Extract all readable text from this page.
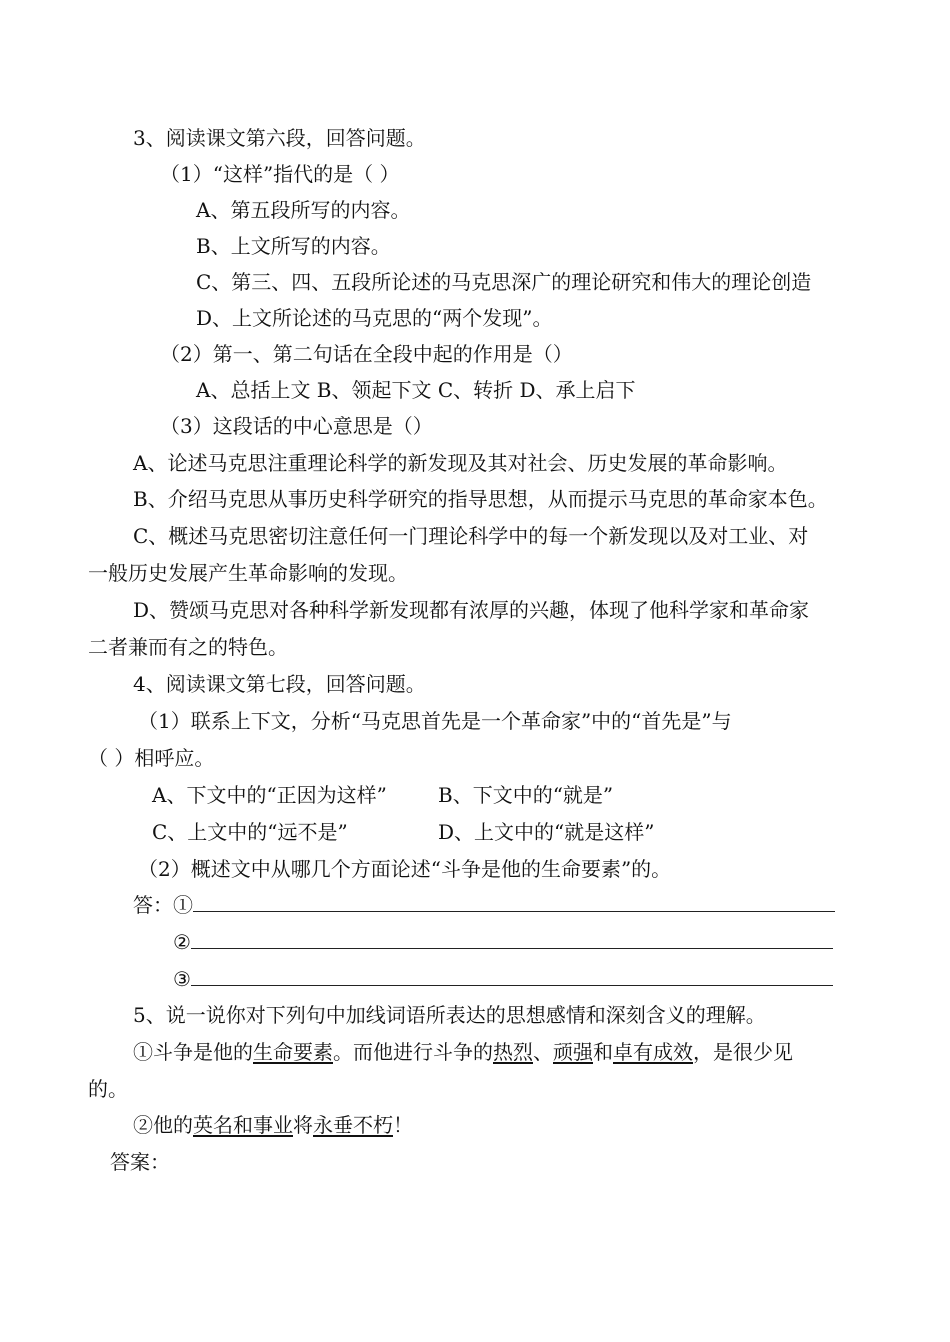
3、阅读课文第六段，回答问题。
（1）“这样”指代的是（ ）
A、第五段所写的内容。
B、上文所写的内容。
C、第三、四、五段所论述的马克思深广的理论研究和伟大的理论创造
D、上文所论述的马克思的“两个发现”。
（2）第一、第二句话在全段中起的作用是（）
A、总括上文 B、领起下文 C、转折 D、承上启下
（3）这段话的中心意思是（）
A、论述马克思注重理论科学的新发现及其对社会、历史发展的革命影响。
B、介绍马克思从事历史科学研究的指导思想，从而提示马克思的革命家本色。
C、概述马克思密切注意任何一门理论科学中的每一个新发现以及对工业、对
一般历史发展产生革命影响的发现。
D、赞颂马克思对各种科学新发现都有浓厚的兴趣，体现了他科学家和革命家
二者兼而有之的特色。
4、阅读课文第七段，回答问题。
（1）联系上下文，分析“马克思首先是一个革命家”中的“首先是”与
（ ）相呼应。
A、下文中的“正因为这样”	B、下文中的“就是”
C、上文中的“远不是”	D、上文中的“就是这样”
（2）概述文中从哪几个方面论述“斗争是他的生命要素”的。
答：①
②
③
5、说一说你对下列句中加线词语所表达的思想感情和深刻含义的理解。
①斗争是他的生命要素。而他进行斗争的热烈、顽强和卓有成效，是很少见
的。
②他的英名和事业将永垂不朽！
答案：
